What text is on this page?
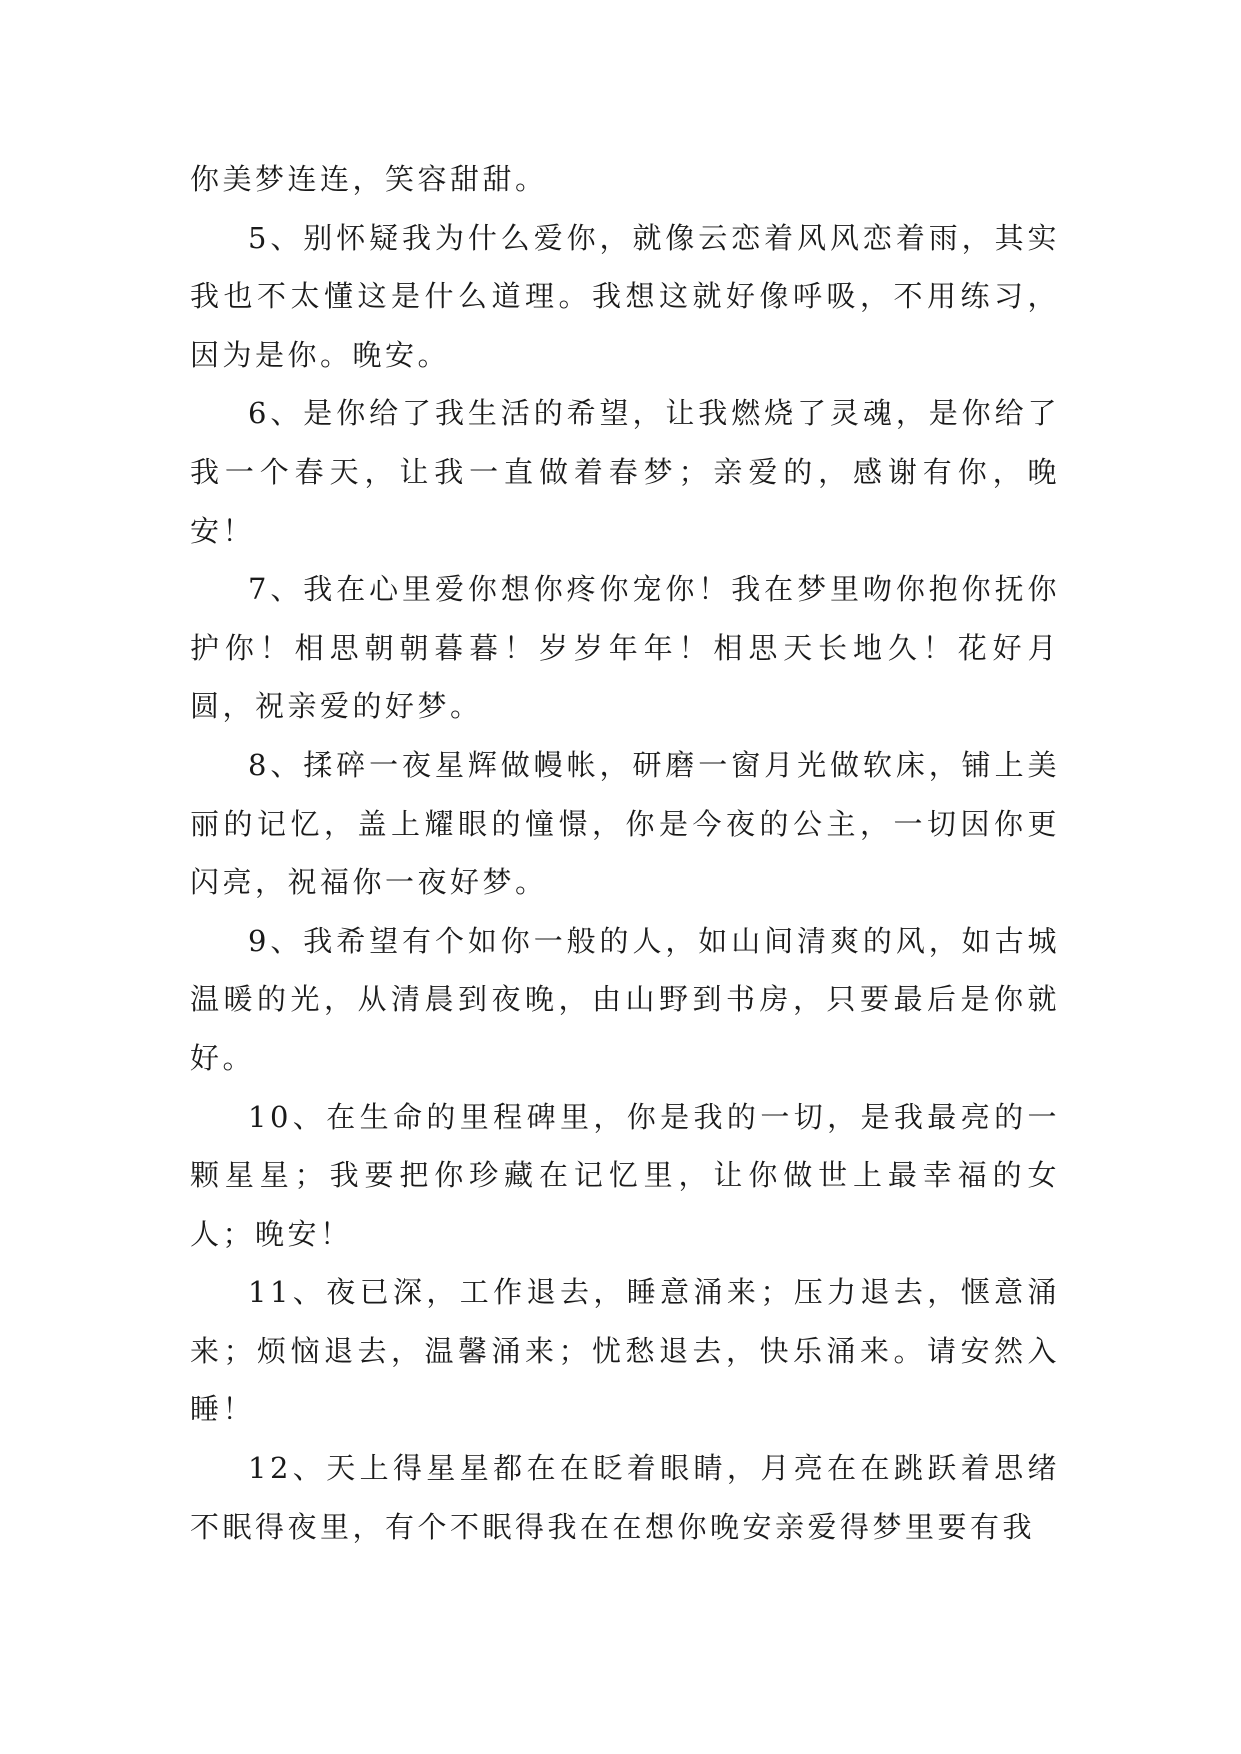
你美梦连连，笑容甜甜。

5、别怀疑我为什么爱你，就像云恋着风风恋着雨，其实我也不太懂这是什么道理。我想这就好像呼吸，不用练习，因为是你。晚安。

6、是你给了我生活的希望，让我燃烧了灵魂，是你给了我一个春天，让我一直做着春梦；亲爱的，感谢有你，晚安！

7、我在心里爱你想你疼你宠你！我在梦里吻你抱你抚你护你！相思朝朝暮暮！岁岁年年！相思天长地久！花好月圆，祝亲爱的好梦。

8、揉碎一夜星辉做幔帐，研磨一窗月光做软床，铺上美丽的记忆，盖上耀眼的憧憬，你是今夜的公主，一切因你更闪亮，祝福你一夜好梦。

9、我希望有个如你一般的人，如山间清爽的风，如古城温暖的光，从清晨到夜晚，由山野到书房，只要最后是你就好。

10、在生命的里程碑里，你是我的一切，是我最亮的一颗星星；我要把你珍藏在记忆里，让你做世上最幸福的女人；晚安！

11、夜已深，工作退去，睡意涌来；压力退去，惬意涌来；烦恼退去，温馨涌来；忧愁退去，快乐涌来。请安然入睡！

12、天上得星星都在在眨着眼睛，月亮在在跳跃着思绪不眠得夜里，有个不眠得我在在想你晚安亲爱得梦里要有我
